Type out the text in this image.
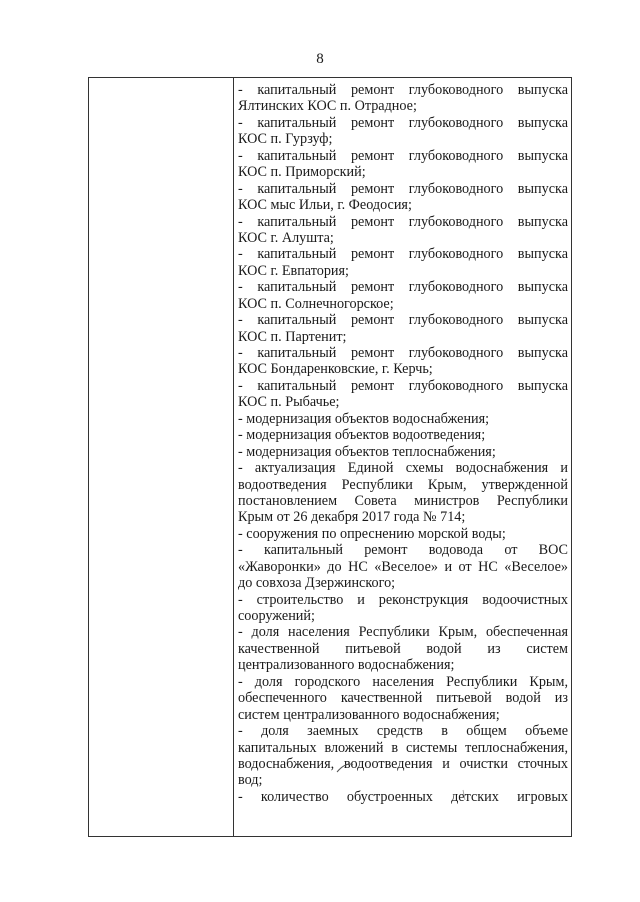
8
- капитальный ремонт глубоководного выпуска
Ялтинских КОС п. Отрадное;
- капитальный ремонт глубоководного выпуска
КОС п. Гурзуф;
- капитальный ремонт глубоководного выпуска
КОС п. Приморский;
- капитальный ремонт глубоководного выпуска
КОС мыс Ильи, г. Феодосия;
- капитальный ремонт глубоководного выпуска
КОС г. Алушта;
- капитальный ремонт глубоководного выпуска
КОС г. Евпатория;
- капитальный ремонт глубоководного выпуска
КОС п. Солнечногорское;
- капитальный ремонт глубоководного выпуска
КОС п. Партенит;
- капитальный ремонт глубоководного выпуска
КОС Бондаренковские, г. Керчь;
- капитальный ремонт глубоководного выпуска
КОС п. Рыбачье;
- модернизация объектов водоснабжения;
- модернизация объектов водоотведения;
- модернизация объектов теплоснабжения;
- актуализация Единой схемы водоснабжения и
водоотведения Республики Крым, утвержденной
постановлением Совета министров Республики
Крым от 26 декабря 2017 года № 714;
- сооружения по опреснению морской воды;
- капитальный ремонт водовода от ВОС
«Жаворонки» до НС «Веселое» и от НС «Веселое»
до совхоза Дзержинского;
- строительство и реконструкция водоочистных
сооружений;
- доля населения Республики Крым, обеспеченная
качественной питьевой водой из систем
централизованного водоснабжения;
- доля городского населения Республики Крым,
обеспеченного качественной питьевой водой из
систем централизованного водоснабжения;
- доля заемных средств в общем объеме
капитальных вложений в системы теплоснабжения,
водоснабжения, водоотведения и очистки сточных
вод;
- количество обустроенных детских игровых
